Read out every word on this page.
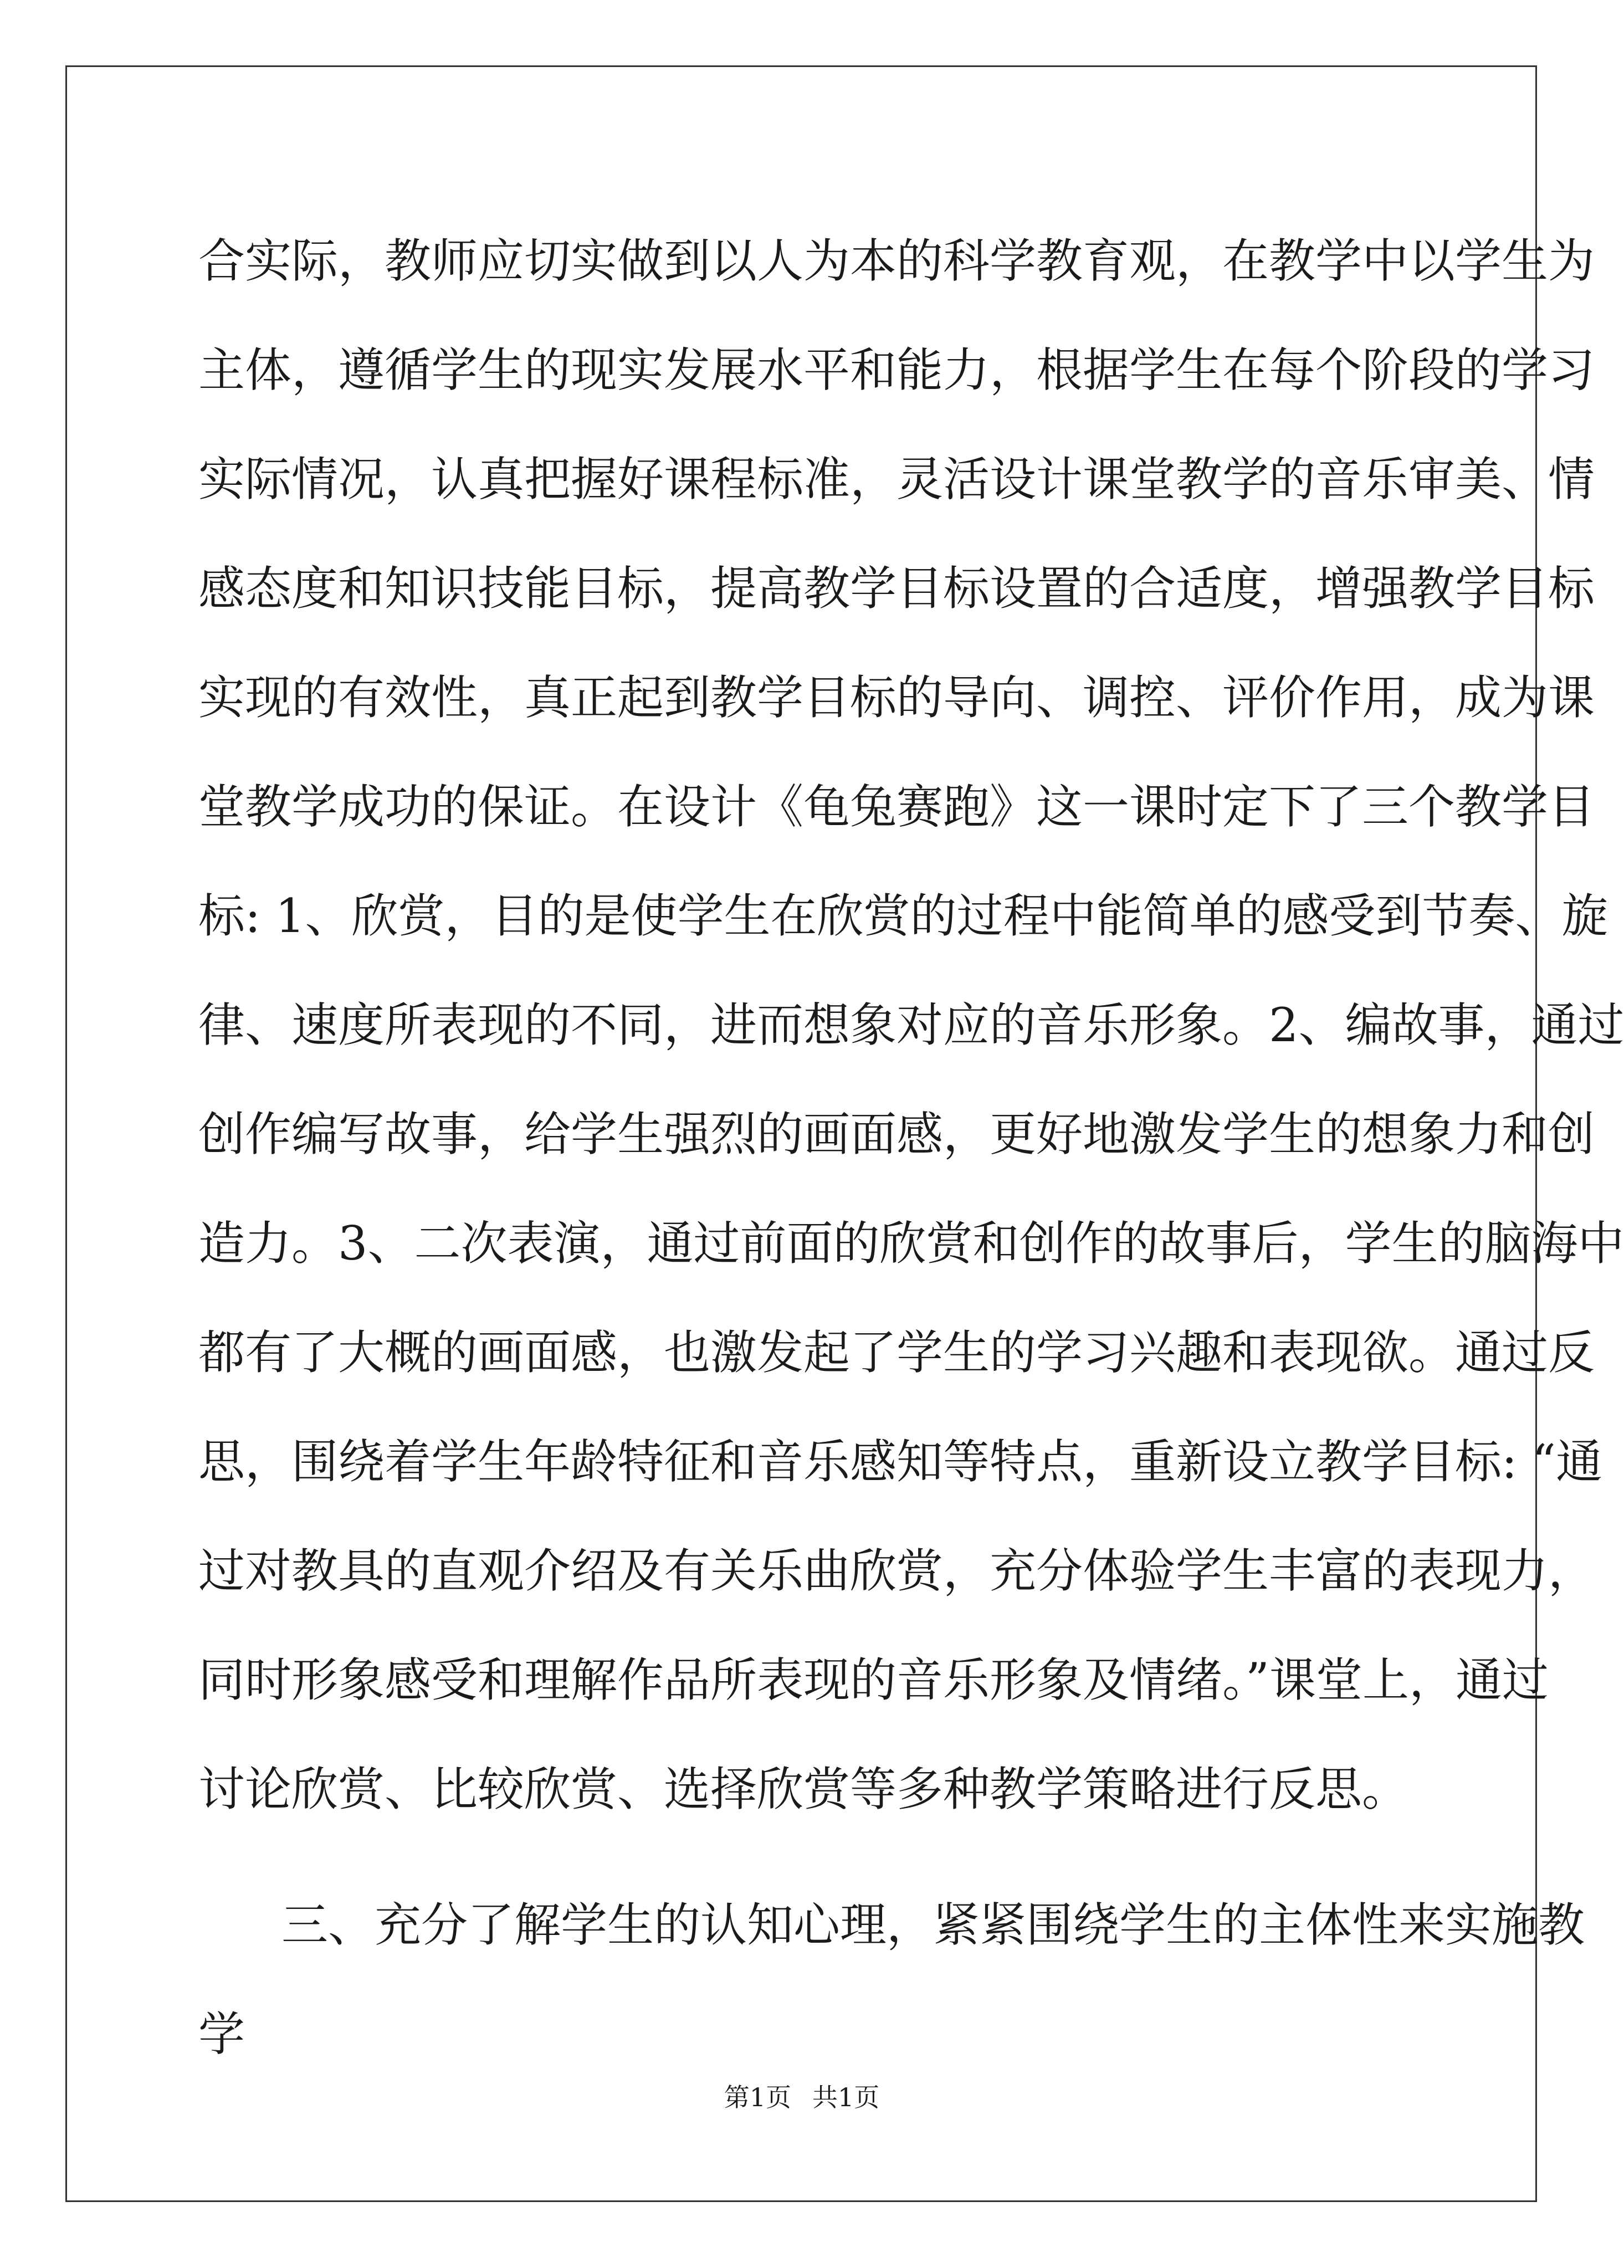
合实际，教师应切实做到以人为本的科学教育观，在教学中以学生为
主体，遵循学生的现实发展水平和能力，根据学生在每个阶段的学习
实际情况，认真把握好课程标准，灵活设计课堂教学的音乐审美、情
感态度和知识技能目标，提高教学目标设置的合适度，增强教学目标
实现的有效性，真正起到教学目标的导向、调控、评价作用，成为课
堂教学成功的保证。在设计《龟兔赛跑》这一课时定下了三个教学目
标: 1、欣赏，目的是使学生在欣赏的过程中能简单的感受到节奏、旋
律、速度所表现的不同，进而想象对应的音乐形象。2、编故事，通过
创作编写故事，给学生强烈的画面感，更好地激发学生的想象力和创
造力。3、二次表演，通过前面的欣赏和创作的故事后，学生的脑海中
都有了大概的画面感，也激发起了学生的学习兴趣和表现欲。通过反
思，围绕着学生年龄特征和音乐感知等特点，重新设立教学目标: “通
过对教具的直观介绍及有关乐曲欣赏，充分体验学生丰富的表现力，
同时形象感受和理解作品所表现的音乐形象及情绪。”课堂上，通过
讨论欣赏、比较欣赏、选择欣赏等多种教学策略进行反思。
三、充分了解学生的认知心理，紧紧围绕学生的主体性来实施教
学
第1页 共1页
